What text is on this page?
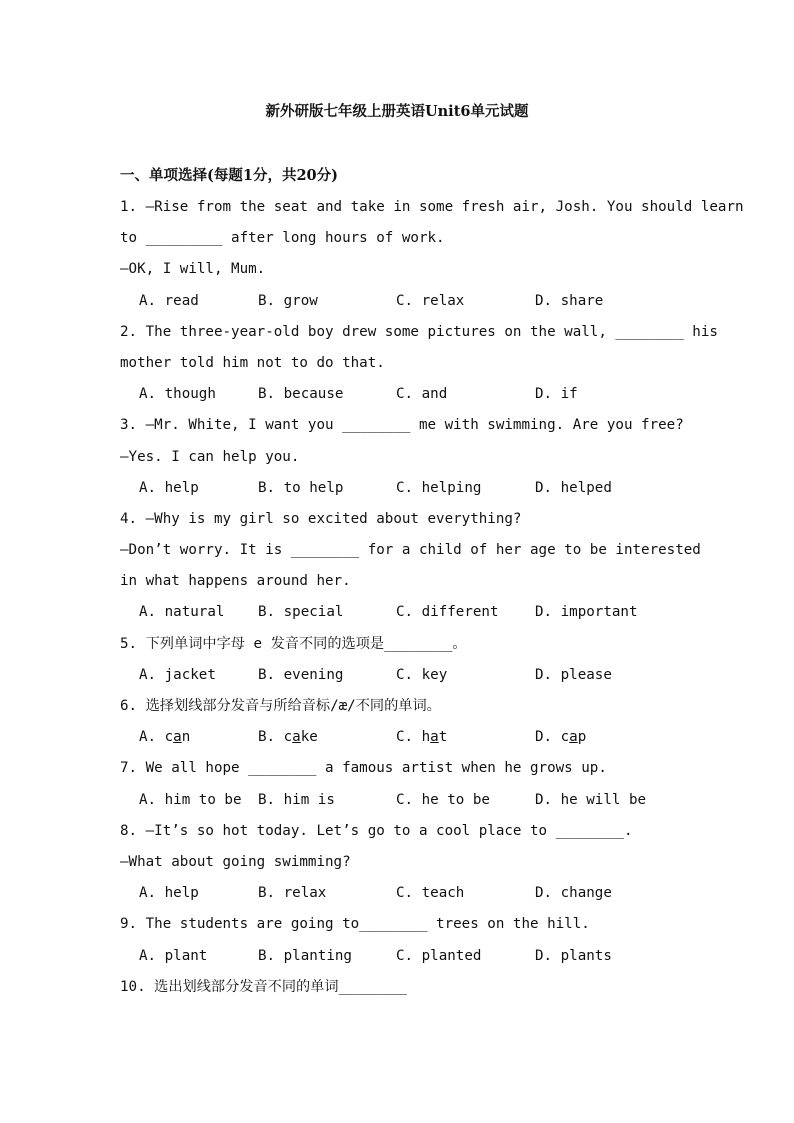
新外研版七年级上册英语Unit6单元试题
一、单项选择(每题1分，共20分)
1. —Rise from the seat and take in some fresh air, Josh. You should learn
to _________ after long hours of work.
—OK, I will, Mum.
A. read	B. grow	C. relax	D. share
2. The three-year-old boy drew some pictures on the wall, ________ his
mother told him not to do that.
A. though	B. because	C. and	D. if
3. —Mr. White, I want you ________ me with swimming. Are you free?
—Yes. I can help you.
A. help	B. to help	C. helping	D. helped
4. —Why is my girl so excited about everything?
—Don’t worry. It is ________ for a child of her age to be interested
in what happens around her.
A. natural B. special	C. different	D. important
5. 下列单词中字母 e 发音不同的选项是________。
A. jacket	B. evening	C. key	D. please
6. 选择划线部分发音与所给音标/æ/不同的单词。
A. can	B. cake	C. hat	D. cap
7. We all hope ________ a famous artist when he grows up.
A. him to be B. him is	C. he to be	D. he will be
8. —It’s so hot today. Let’s go to a cool place to ________.
—What about going swimming?
A. help	B. relax	C. teach	D. change
9. The students are going to________ trees on the hill.
A. plant	B. planting	C. planted	D. plants
10. 选出划线部分发音不同的单词________
